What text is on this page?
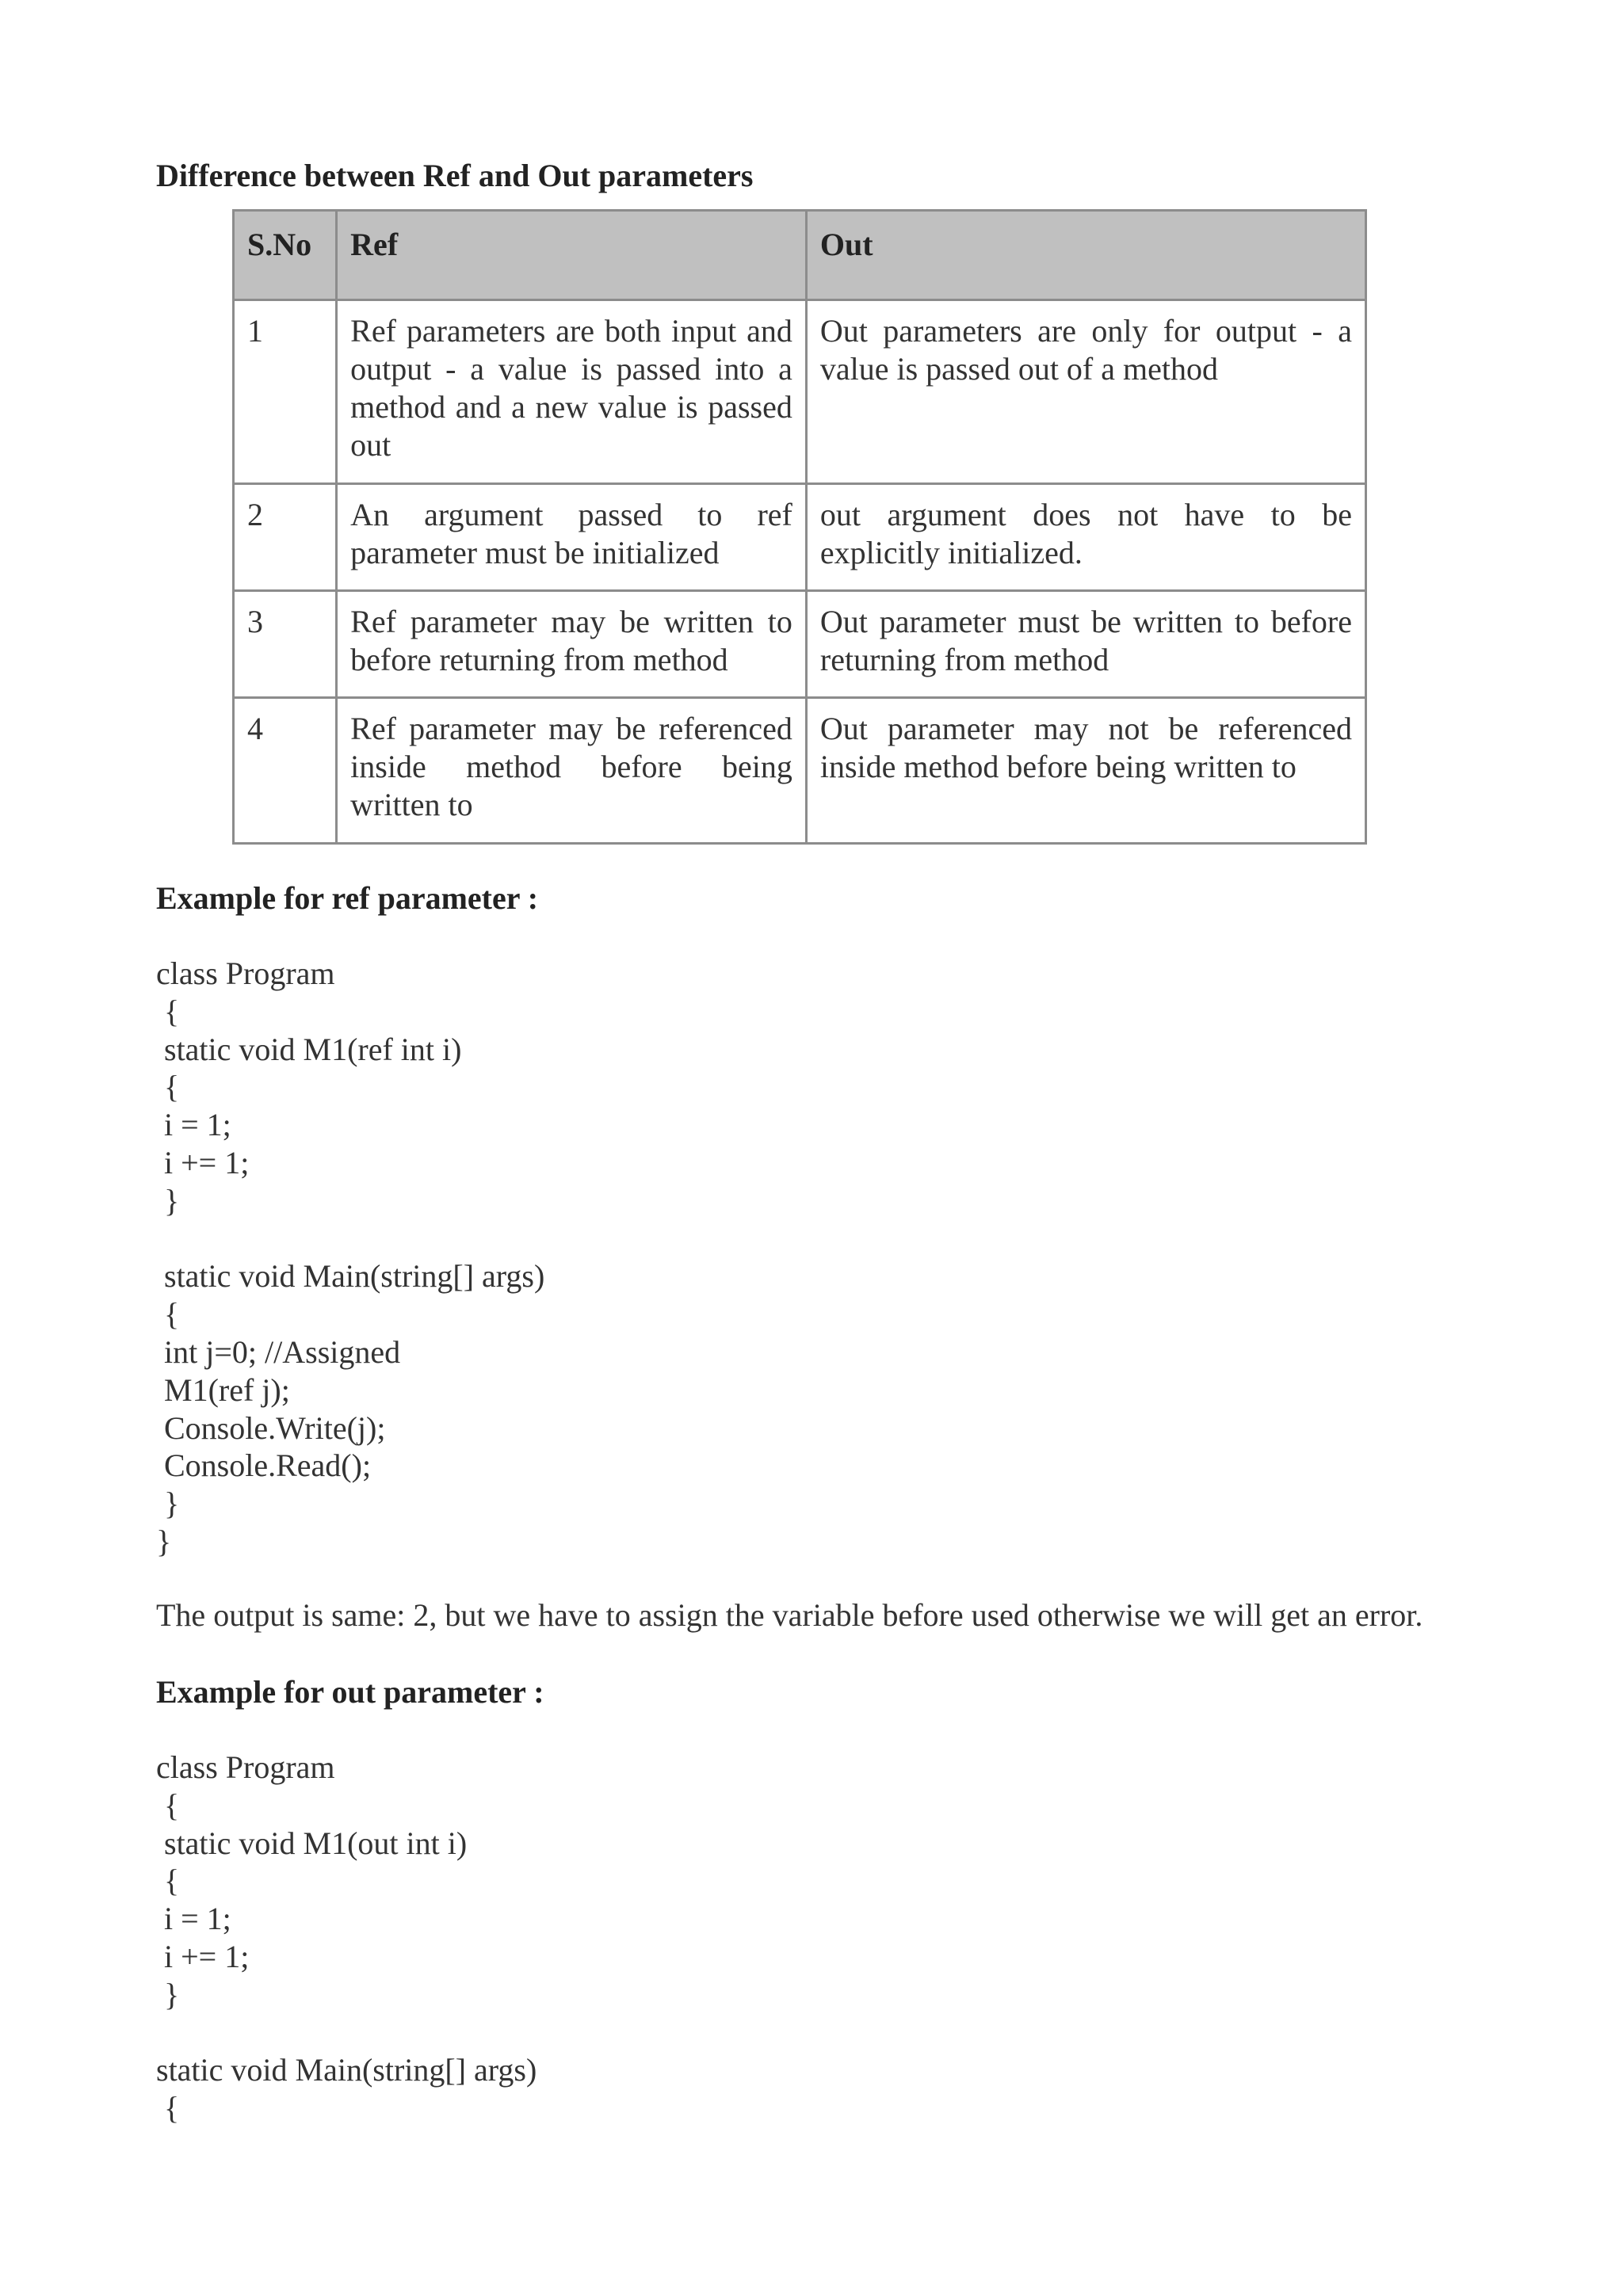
Difference between Ref and Out parameters
S.No	Ref	Out
1	Ref parameters are both input and output - a value is passed into a method and a new value is passed out	Out parameters are only for output - a value is passed out of a method
2	An argument passed to ref parameter must be initialized	out argument does not have to be explicitly initialized.
3	Ref parameter may be written to before returning from method	Out parameter must be written to before returning from method
4	Ref parameter may be referenced inside method before being written to	Out parameter may not be referenced inside method before being written to
Example for ref parameter :
class Program
{
static void M1(ref int i)
{
i = 1;
i += 1;
}

static void Main(string[] args)
{
int j=0; //Assigned
M1(ref j);
Console.Write(j);
Console.Read();
}
}
The output is same: 2, but we have to assign the variable before used otherwise we will get an error.
Example for out parameter :
class Program
{
static void M1(out int i)
{
i = 1;
i += 1;
}

static void Main(string[] args)
{
